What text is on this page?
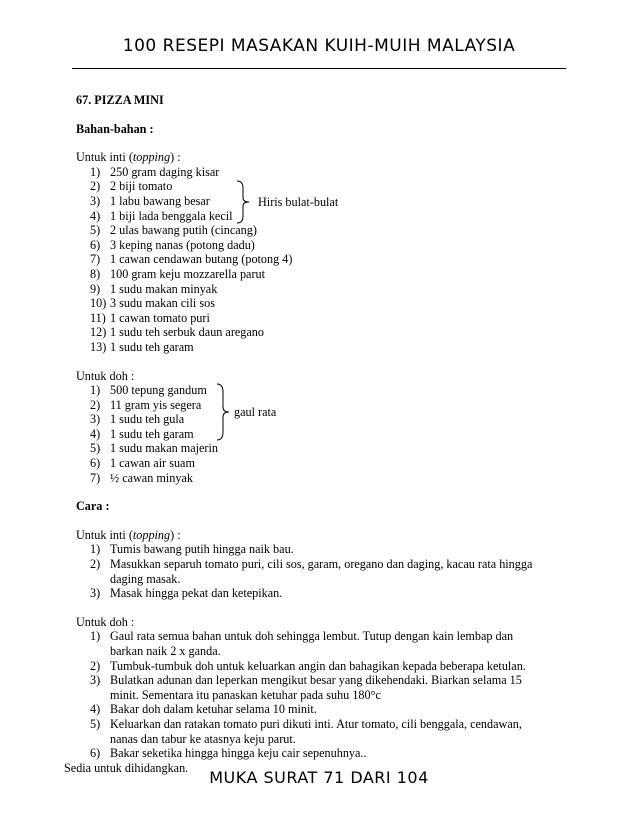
100 RESEPI MASAKAN KUIH-MUIH MALAYSIA

67. PIZZA MINI

Bahan-bahan :

Untuk inti (topping) :

1) 250 gram daging kisar
2) 2 biji tomato
3) 1 labu bawang besar
4) 1 biji lada benggala kecil
5) 2 ulas bawang putih (cincang)
6) 3 keping nanas (potong dadu)
7) 1 cawan cendawan butang (potong 4)
8) 100 gram keju mozzarella parut
9) 1 sudu makan minyak
10) 3 sudu makan cili sos
11) 1 cawan tomato puri
12) 1 sudu teh serbuk daun aregano
13) 1 sudu teh garam
Hiris bulat-bulat

Untuk doh :

1) 500 tepung gandum
2) 11 gram yis segera
3) 1 sudu teh gula
4) 1 sudu teh garam
5) 1 sudu makan majerin
6) 1 cawan air suam
7) ½ cawan minyak
gaul rata

Cara :

Untuk inti (topping) :

1) Tumis bawang putih hingga naik bau.
2) Masukkan separuh tomato puri, cili sos, garam, oregano dan daging, kacau rata hingga daging masak.
3) Masak hingga pekat dan ketepikan.

Untuk doh :

1) Gaul rata semua bahan untuk doh sehingga lembut. Tutup dengan kain lembap dan barkan naik 2 x ganda.
2) Tumbuk-tumbuk doh untuk keluarkan angin dan bahagikan kepada beberapa ketulan.
3) Bulatkan adunan dan leperkan mengikut besar yang dikehendaki. Biarkan selama 15 minit. Sementara itu panaskan ketuhar pada suhu 180°c
4) Bakar doh dalam ketuhar selama 10 minit.
5) Keluarkan dan ratakan tomato puri dikuti inti. Atur tomato, cili benggala, cendawan, nanas dan tabur ke atasnya keju parut.
6) Bakar seketika hingga hingga keju cair sepenuhnya..

Sedia untuk dihidangkan.

MUKA SURAT 71 DARI 104
